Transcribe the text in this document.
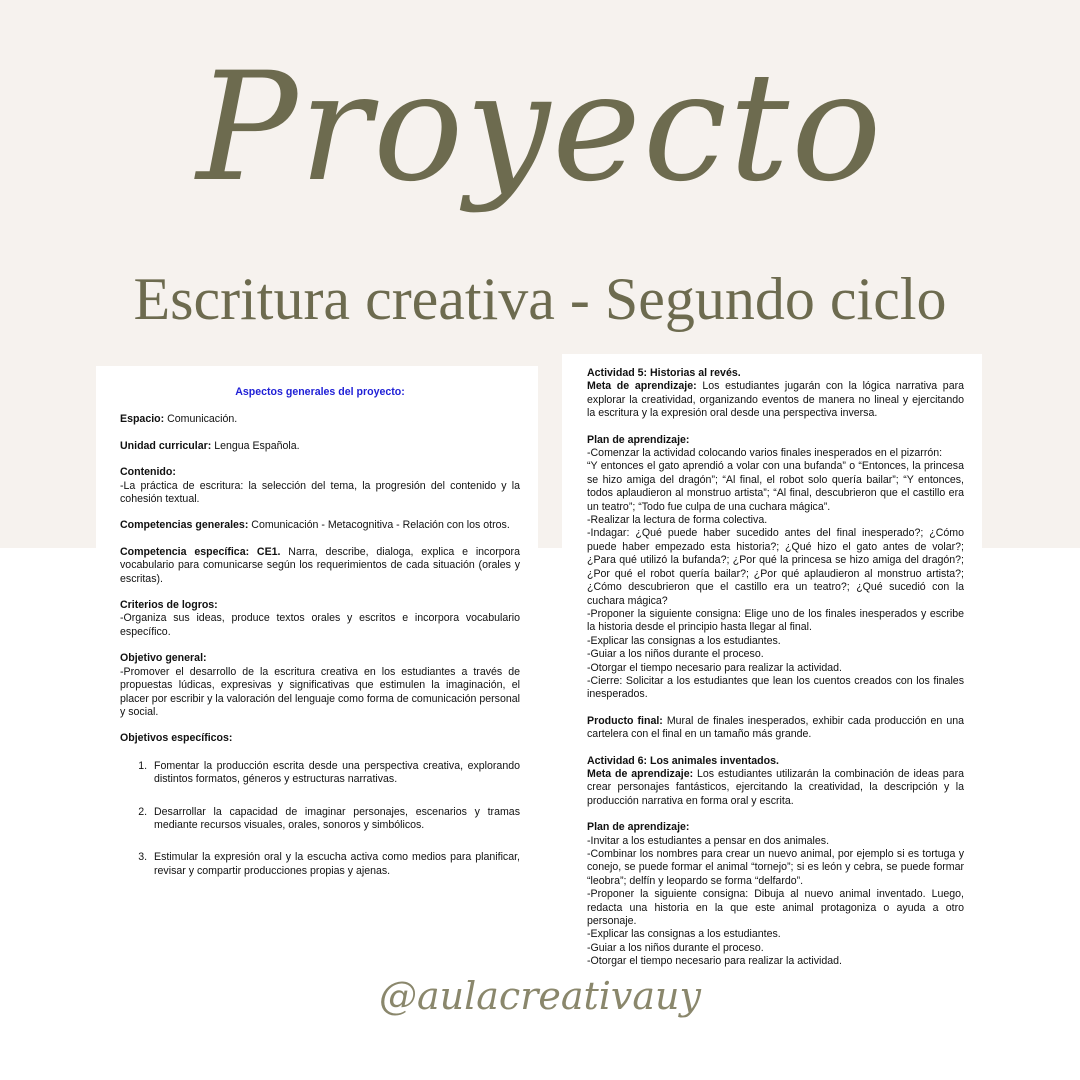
Proyecto
Escritura creativa - Segundo ciclo

Aspectos generales del proyecto:

Espacio: Comunicación.

Unidad curricular: Lengua Española.

Contenido:

-La práctica de escritura: la selección del tema, la progresión del contenido y la cohesión textual.

Competencias generales: Comunicación - Metacognitiva - Relación con los otros.

Competencia específica: CE1. Narra, describe, dialoga, explica e incorpora vocabulario para comunicarse según los requerimientos de cada situación (orales y escritas).

Criterios de logros:

-Organiza sus ideas, produce textos orales y escritos e incorpora vocabulario específico.

Objetivo general:

-Promover el desarrollo de la escritura creativa en los estudiantes a través de propuestas lúdicas, expresivas y significativas que estimulen la imaginación, el placer por escribir y la valoración del lenguaje como forma de comunicación personal y social.

Objetivos específicos:

1. Fomentar la producción escrita desde una perspectiva creativa, explorando distintos formatos, géneros y estructuras narrativas.
2. Desarrollar la capacidad de imaginar personajes, escenarios y tramas mediante recursos visuales, orales, sonoros y simbólicos.
3. Estimular la expresión oral y la escucha activa como medios para planificar, revisar y compartir producciones propias y ajenas.

Actividad 5: Historias al revés.

Meta de aprendizaje: Los estudiantes jugarán con la lógica narrativa para explorar la creatividad, organizando eventos de manera no lineal y ejercitando la escritura y la expresión oral desde una perspectiva inversa.

Plan de aprendizaje:

-Comenzar la actividad colocando varios finales inesperados en el pizarrón:

“Y entonces el gato aprendió a volar con una bufanda” o “Entonces, la princesa se hizo amiga del dragón”; “Al final, el robot solo quería bailar”; “Y entonces, todos aplaudieron al monstruo artista”; “Al final, descubrieron que el castillo era un teatro”; “Todo fue culpa de una cuchara mágica”.

-Realizar la lectura de forma colectiva.

-Indagar: ¿Qué puede haber sucedido antes del final inesperado?; ¿Cómo puede haber empezado esta historia?; ¿Qué hizo el gato antes de volar?; ¿Para qué utilizó la bufanda?; ¿Por qué la princesa se hizo amiga del dragón?; ¿Por qué el robot quería bailar?; ¿Por qué aplaudieron al monstruo artista?; ¿Cómo descubrieron que el castillo era un teatro?; ¿Qué sucedió con la cuchara mágica?

-Proponer la siguiente consigna: Elige uno de los finales inesperados y escribe la historia desde el principio hasta llegar al final.

-Explicar las consignas a los estudiantes.

-Guiar a los niños durante el proceso.

-Otorgar el tiempo necesario para realizar la actividad.

-Cierre: Solicitar a los estudiantes que lean los cuentos creados con los finales inesperados.

Producto final: Mural de finales inesperados, exhibir cada producción en una cartelera con el final en un tamaño más grande.

Actividad 6: Los animales inventados.

Meta de aprendizaje: Los estudiantes utilizarán la combinación de ideas para crear personajes fantásticos, ejercitando la creatividad, la descripción y la producción narrativa en forma oral y escrita.

Plan de aprendizaje:

-Invitar a los estudiantes a pensar en dos animales.

-Combinar los nombres para crear un nuevo animal, por ejemplo si es tortuga y conejo, se puede formar el animal “tornejo”; si es león y cebra, se puede formar “leobra”; delfín y leopardo se forma “delfardo”.

-Proponer la siguiente consigna: Dibuja al nuevo animal inventado. Luego, redacta una historia en la que este animal protagoniza o ayuda a otro personaje.

-Explicar las consignas a los estudiantes.

-Guiar a los niños durante el proceso.

-Otorgar el tiempo necesario para realizar la actividad.

@aulacreativauy
